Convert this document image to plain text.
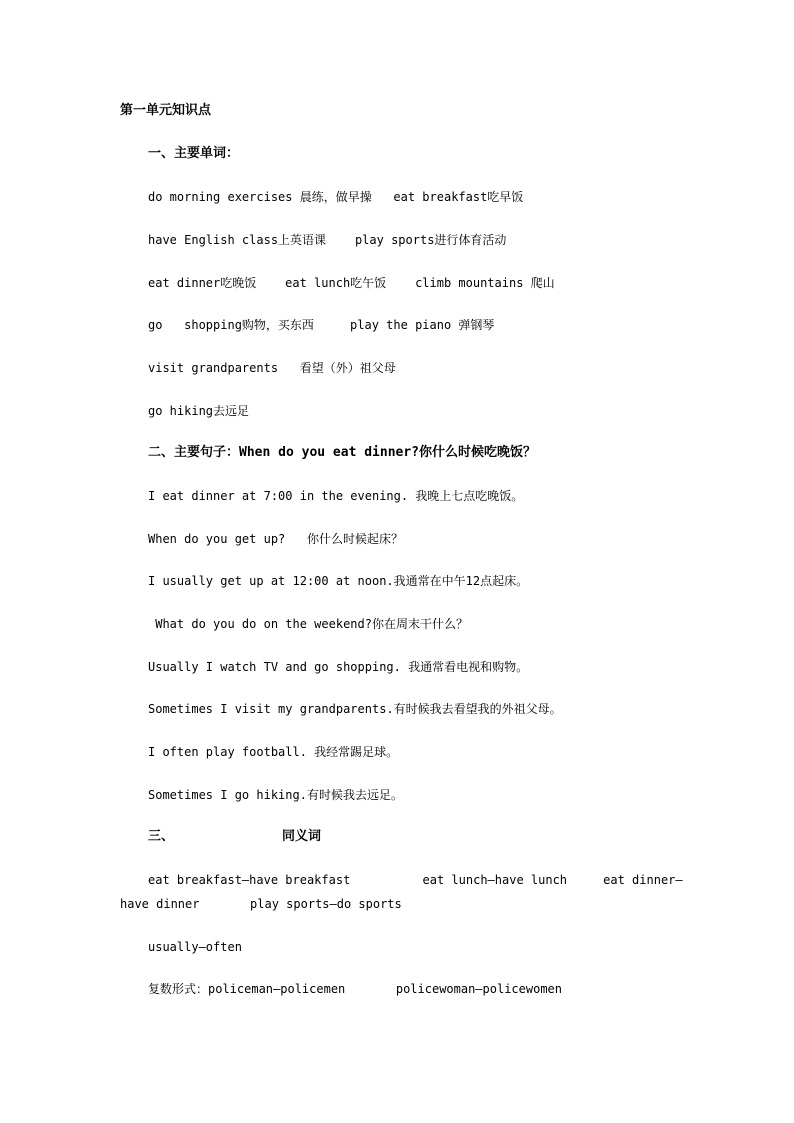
第一单元知识点
一、主要单词：
do morning exercises 晨练，做早操   eat breakfast吃早饭
have English class上英语课    play sports进行体育活动
eat dinner吃晚饭    eat lunch吃午饭    climb mountains 爬山
go   shopping购物，买东西     play the piano 弹钢琴
visit grandparents   看望（外）祖父母
go hiking去远足
二、主要句子：When do you eat dinner?你什么时候吃晚饭？
I eat dinner at 7:00 in the evening. 我晚上七点吃晚饭。
When do you get up?   你什么时候起床？
I usually get up at 12:00 at noon.我通常在中午12点起床。
What do you do on the weekend?你在周末干什么？
Usually I watch TV and go shopping. 我通常看电视和购物。
Sometimes I visit my grandparents.有时候我去看望我的外祖父母。
I often play football. 我经常踢足球。
Sometimes I go hiking.有时候我去远足。
三、	同义词
eat breakfast—have breakfast          eat lunch—have lunch     eat dinner—
have dinner       play sports—do sports
usually—often
复数形式：policeman—policemen       policewoman—policewomen
